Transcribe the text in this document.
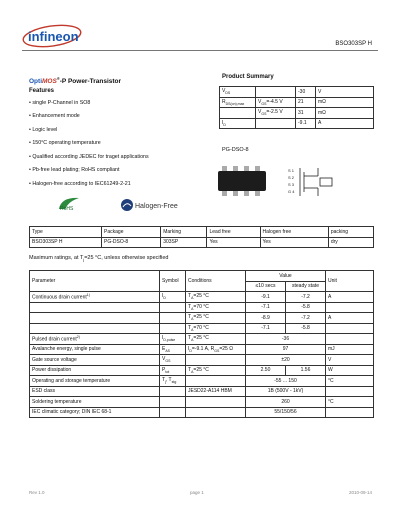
infineon	BSO303SP H
OptiMOS®-P Power-Transistor
Product Summary
$V_{DS}$		-30	V
$R_{DS(on),max}$	$V_{GS}=-4.5$ V	21	mΩ
	$V_{GS}=-2.5$ V	31	mΩ
$I_D$		-9.1	A
Features
• single P-Channel in SO8
• Enhancement mode
• Logic level
• 150°C operating temperature
• Qualified according JEDEC for traget applications
• Pb-free lead plating; RoHS compliant
• Halogen-free according to IEC61249-2-21
PG-DSO-8
S 1
S 2
S 3
G 4
RoHS	Halogen-Free
Type	Package	Marking	Lead free	Halogen free	packing
BSO303SP H	PG-DSO-8	303SP	Yes	Yes	dry
Maximum ratings, at $T_j=25$ °C, unless otherwise specified
Parameter	Symbol	Conditions	Value		Unit
			≤10 secs	steady state	
Continuous drain current$^{1)}$	$I_D$	$T_A=25$ °C	-9.1	-7.2	A
		$T_A=70$ °C	-7.1	-5.8	
		$T_A=25$ °C	-8.9	-7.2	A
		$T_A=70$ °C	-7.1	-5.8	
Pulsed drain current$^{2)}$	$I_{D,pulse}$	$T_A=25$ °C	-36		
Avalanche energy, single pulse	$E_{AS}$	$I_D=-9.1$ A, $R_{GS}=25$ Ω	97		mJ
Gate source voltage	$V_{GS}$		±20		V
Power dissipation	$P_{tot}$	$T_A=25$ °C	2.50	1.56	W
Operating and storage temperature	$T_j$, $T_{stg}$		-55 ... 150		°C
ESD class		JESD22-A114 HBM	1B (500V - 1kV)		
Soldering temperature			260		°C
IEC climatic category; DIN IEC 68-1			55/150/56		
Rev 1.0	page 1	2010-09-14
